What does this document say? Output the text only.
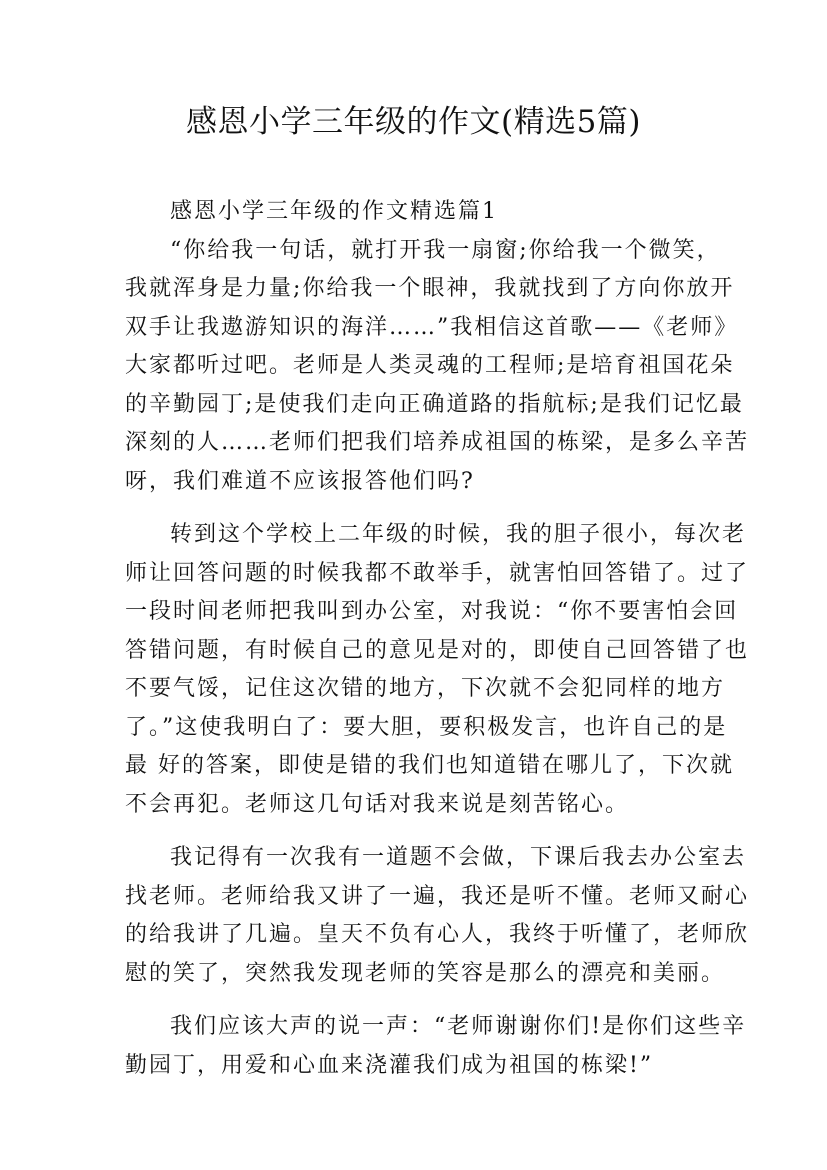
感恩小学三年级的作文(精选5篇)
感恩小学三年级的作文精选篇1
“你给我一句话，就打开我一扇窗;你给我一个微笑，
我就浑身是力量;你给我一个眼神，我就找到了方向你放开
双手让我遨游知识的海洋……”我相信这首歌——《老师》
大家都听过吧。老师是人类灵魂的工程师;是培育祖国花朵
的辛勤园丁;是使我们走向正确道路的指航标;是我们记忆最
深刻的人……老师们把我们培养成祖国的栋梁，是多么辛苦
呀，我们难道不应该报答他们吗?
转到这个学校上二年级的时候，我的胆子很小，每次老
师让回答问题的时候我都不敢举手，就害怕回答错了。过了
一段时间老师把我叫到办公室，对我说：“你不要害怕会回
答错问题，有时候自己的意见是对的，即使自己回答错了也
不要气馁，记住这次错的地方，下次就不会犯同样的地方
了。”这使我明白了：要大胆，要积极发言，也许自己的是
最 好的答案，即使是错的我们也知道错在哪儿了，下次就
不会再犯。老师这几句话对我来说是刻苦铭心。
我记得有一次我有一道题不会做，下课后我去办公室去
找老师。老师给我又讲了一遍，我还是听不懂。老师又耐心
的给我讲了几遍。皇天不负有心人，我终于听懂了，老师欣
慰的笑了，突然我发现老师的笑容是那么的漂亮和美丽。
我们应该大声的说一声：“老师谢谢你们!是你们这些辛
勤园丁，用爱和心血来浇灌我们成为祖国的栋梁!”
